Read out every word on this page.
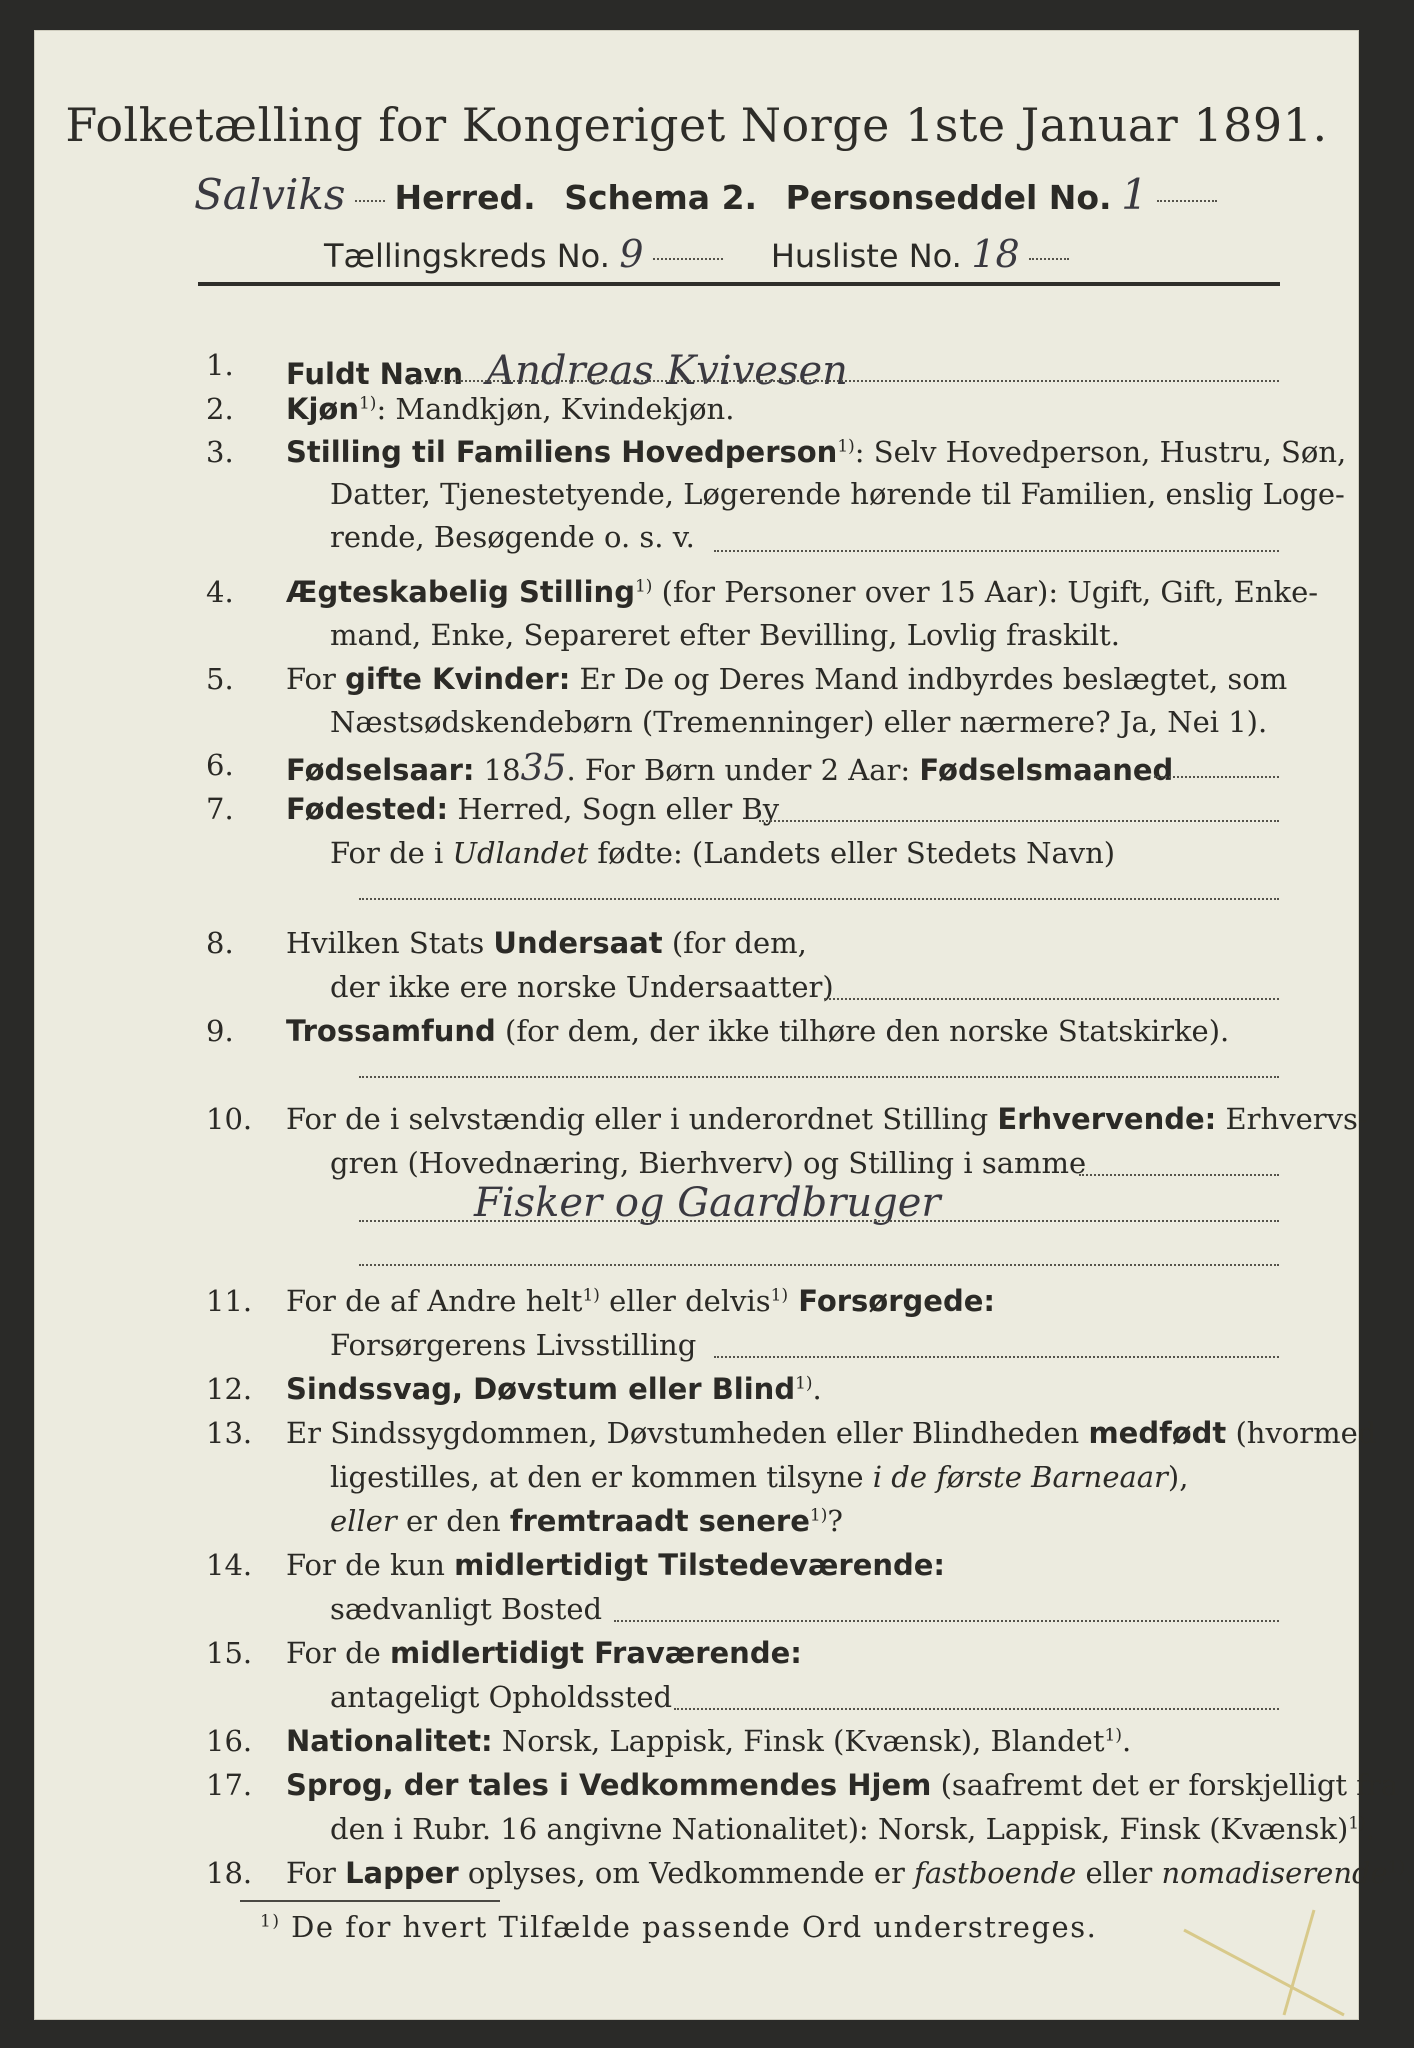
Folketælling for Kongeriget Norge 1ste Januar 1891.
Salviks Herred. Schema 2. Personseddel No. 1
Tællingskreds No. 9	Husliste No. 18
1.	Fuldt Navn Andreas Kvivesen
2.	Kjøn$^{1)}$: Mandkjøn, Kvindekjøn.
3.	Stilling til Familiens Hovedperson$^{1)}$: Selv Hovedperson, Hustru, Søn,
Datter, Tjenestetyende, Løgerende hørende til Familien, enslig Loge-
rende, Besøgende o. s. v.
4.	Ægteskabelig Stilling$^{1)}$ (for Personer over 15 Aar): Ugift, Gift, Enke-
mand, Enke, Separeret efter Bevilling, Lovlig fraskilt.
5.	For gifte Kvinder: Er De og Deres Mand indbyrdes beslægtet, som
Næstsødskendebørn (Tremenninger) eller nærmere? Ja, Nei 1).
6.	Fødselsaar: 1835. For Børn under 2 Aar: Fødselsmaaned
7.	Fødested: Herred, Sogn eller By
For de i Udlandet fødte: (Landets eller Stedets Navn)
8.	Hvilken Stats Undersaat (for dem,
der ikke ere norske Undersaatter)
9.	Trossamfund (for dem, der ikke tilhøre den norske Statskirke).
10.	For de i selvstændig eller i underordnet Stilling Erhvervende: Erhvervs-
gren (Hovednæring, Bierhverv) og Stilling i samme
Fisker og Gaardbruger
11.	For de af Andre helt$^{1)}$ eller delvis$^{1)}$ Forsørgede:
Forsørgerens Livsstilling
12.	Sindssvag, Døvstum eller Blind$^{1)}$.
13.	Er Sindssygdommen, Døvstumheden eller Blindheden medfødt (hvormed
ligestilles, at den er kommen tilsyne i de første Barneaar),
eller er den fremtraadt senere$^{1)}$?
14.	For de kun midlertidigt Tilstedeværende:
sædvanligt Bosted
15.	For de midlertidigt Fraværende:
antageligt Opholdssted
16.	Nationalitet: Norsk, Lappisk, Finsk (Kvænsk), Blandet$^{1)}$.
17.	Sprog, der tales i Vedkommendes Hjem (saafremt det er forskjelligt fra
den i Rubr. 16 angivne Nationalitet): Norsk, Lappisk, Finsk (Kvænsk)$^{1)}$.
18.	For Lapper oplyses, om Vedkommende er fastboende eller nomadiserende$^{1)}$.
$^{1)}$ De for hvert Tilfælde passende Ord understreges.
